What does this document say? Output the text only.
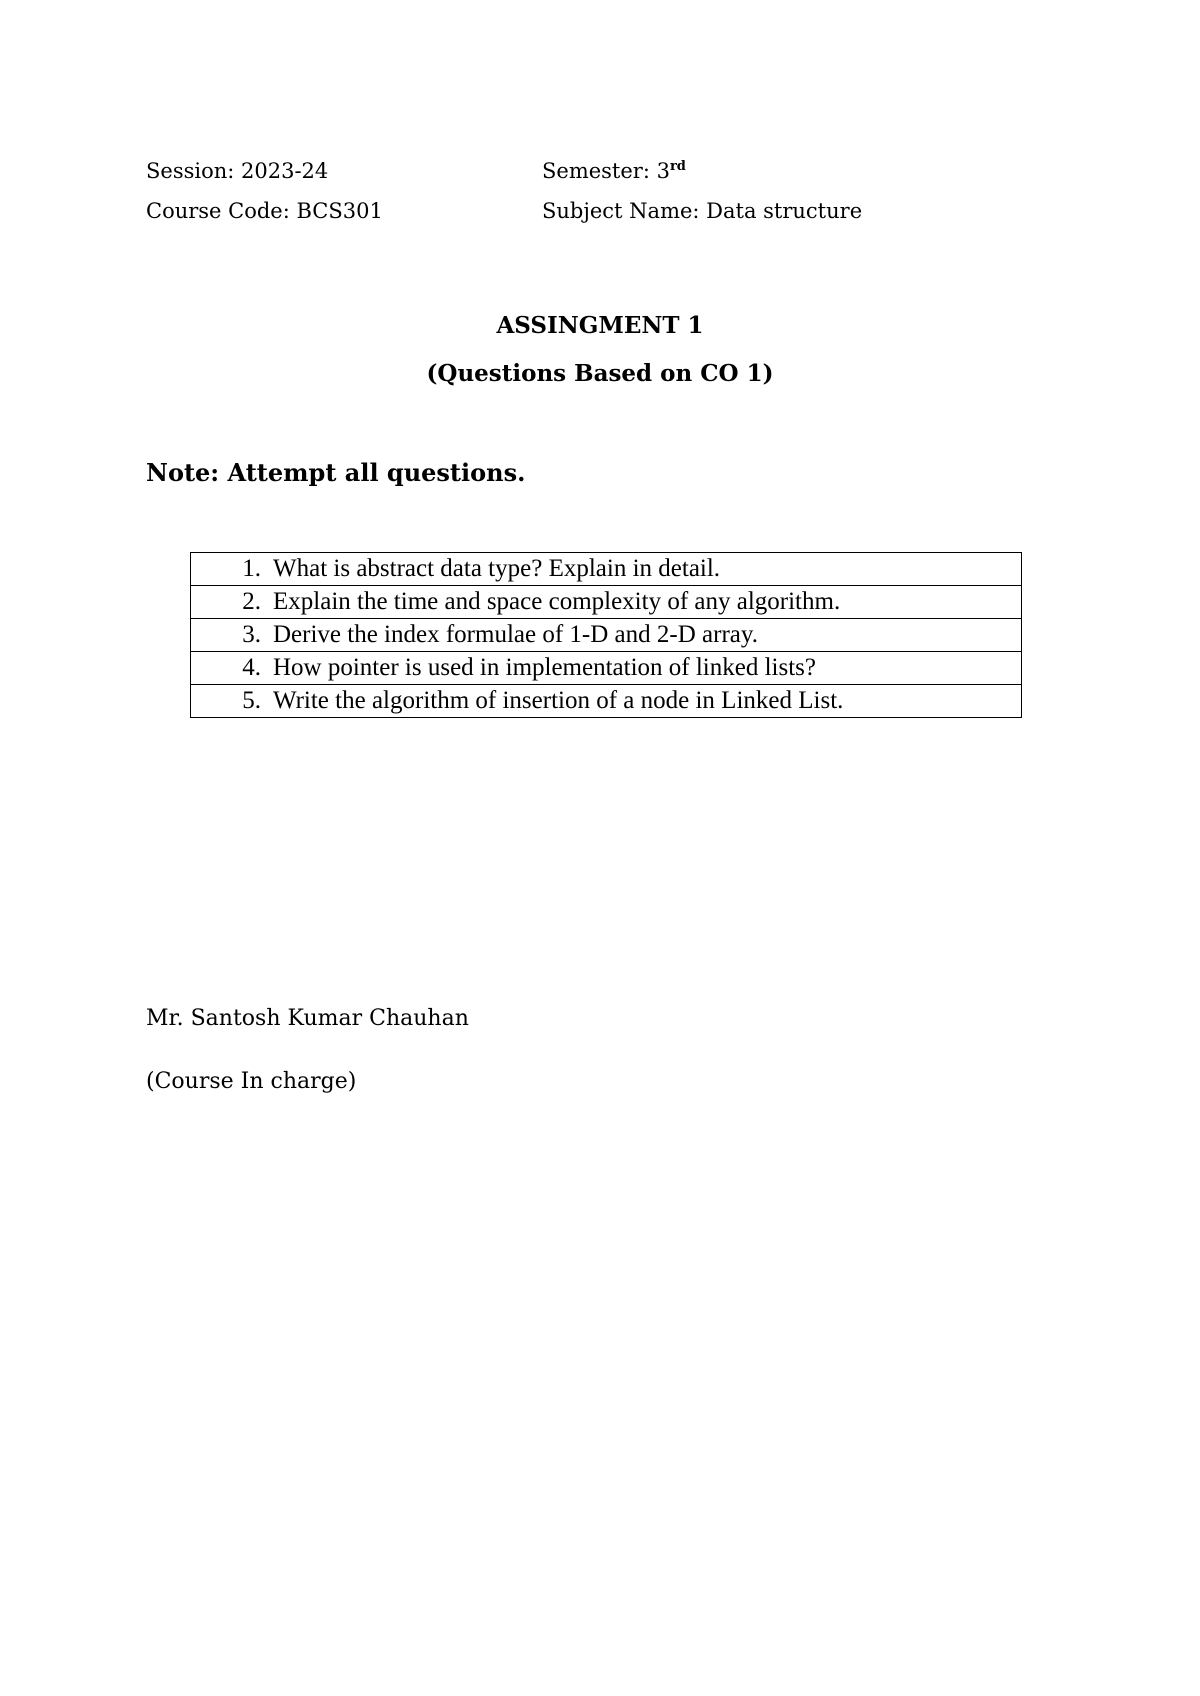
Session: 2023-24	Semester: 3rd
Course Code: BCS301	Subject Name: Data structure
ASSINGMENT 1
(Questions Based on CO 1)
Note: Attempt all questions.
1. What is abstract data type? Explain in detail.
2. Explain the time and space complexity of any algorithm.
3. Derive the index formulae of 1-D and 2-D array.
4. How pointer is used in implementation of linked lists?
5. Write the algorithm of insertion of a node in Linked List.
Mr. Santosh Kumar Chauhan
(Course In charge)
